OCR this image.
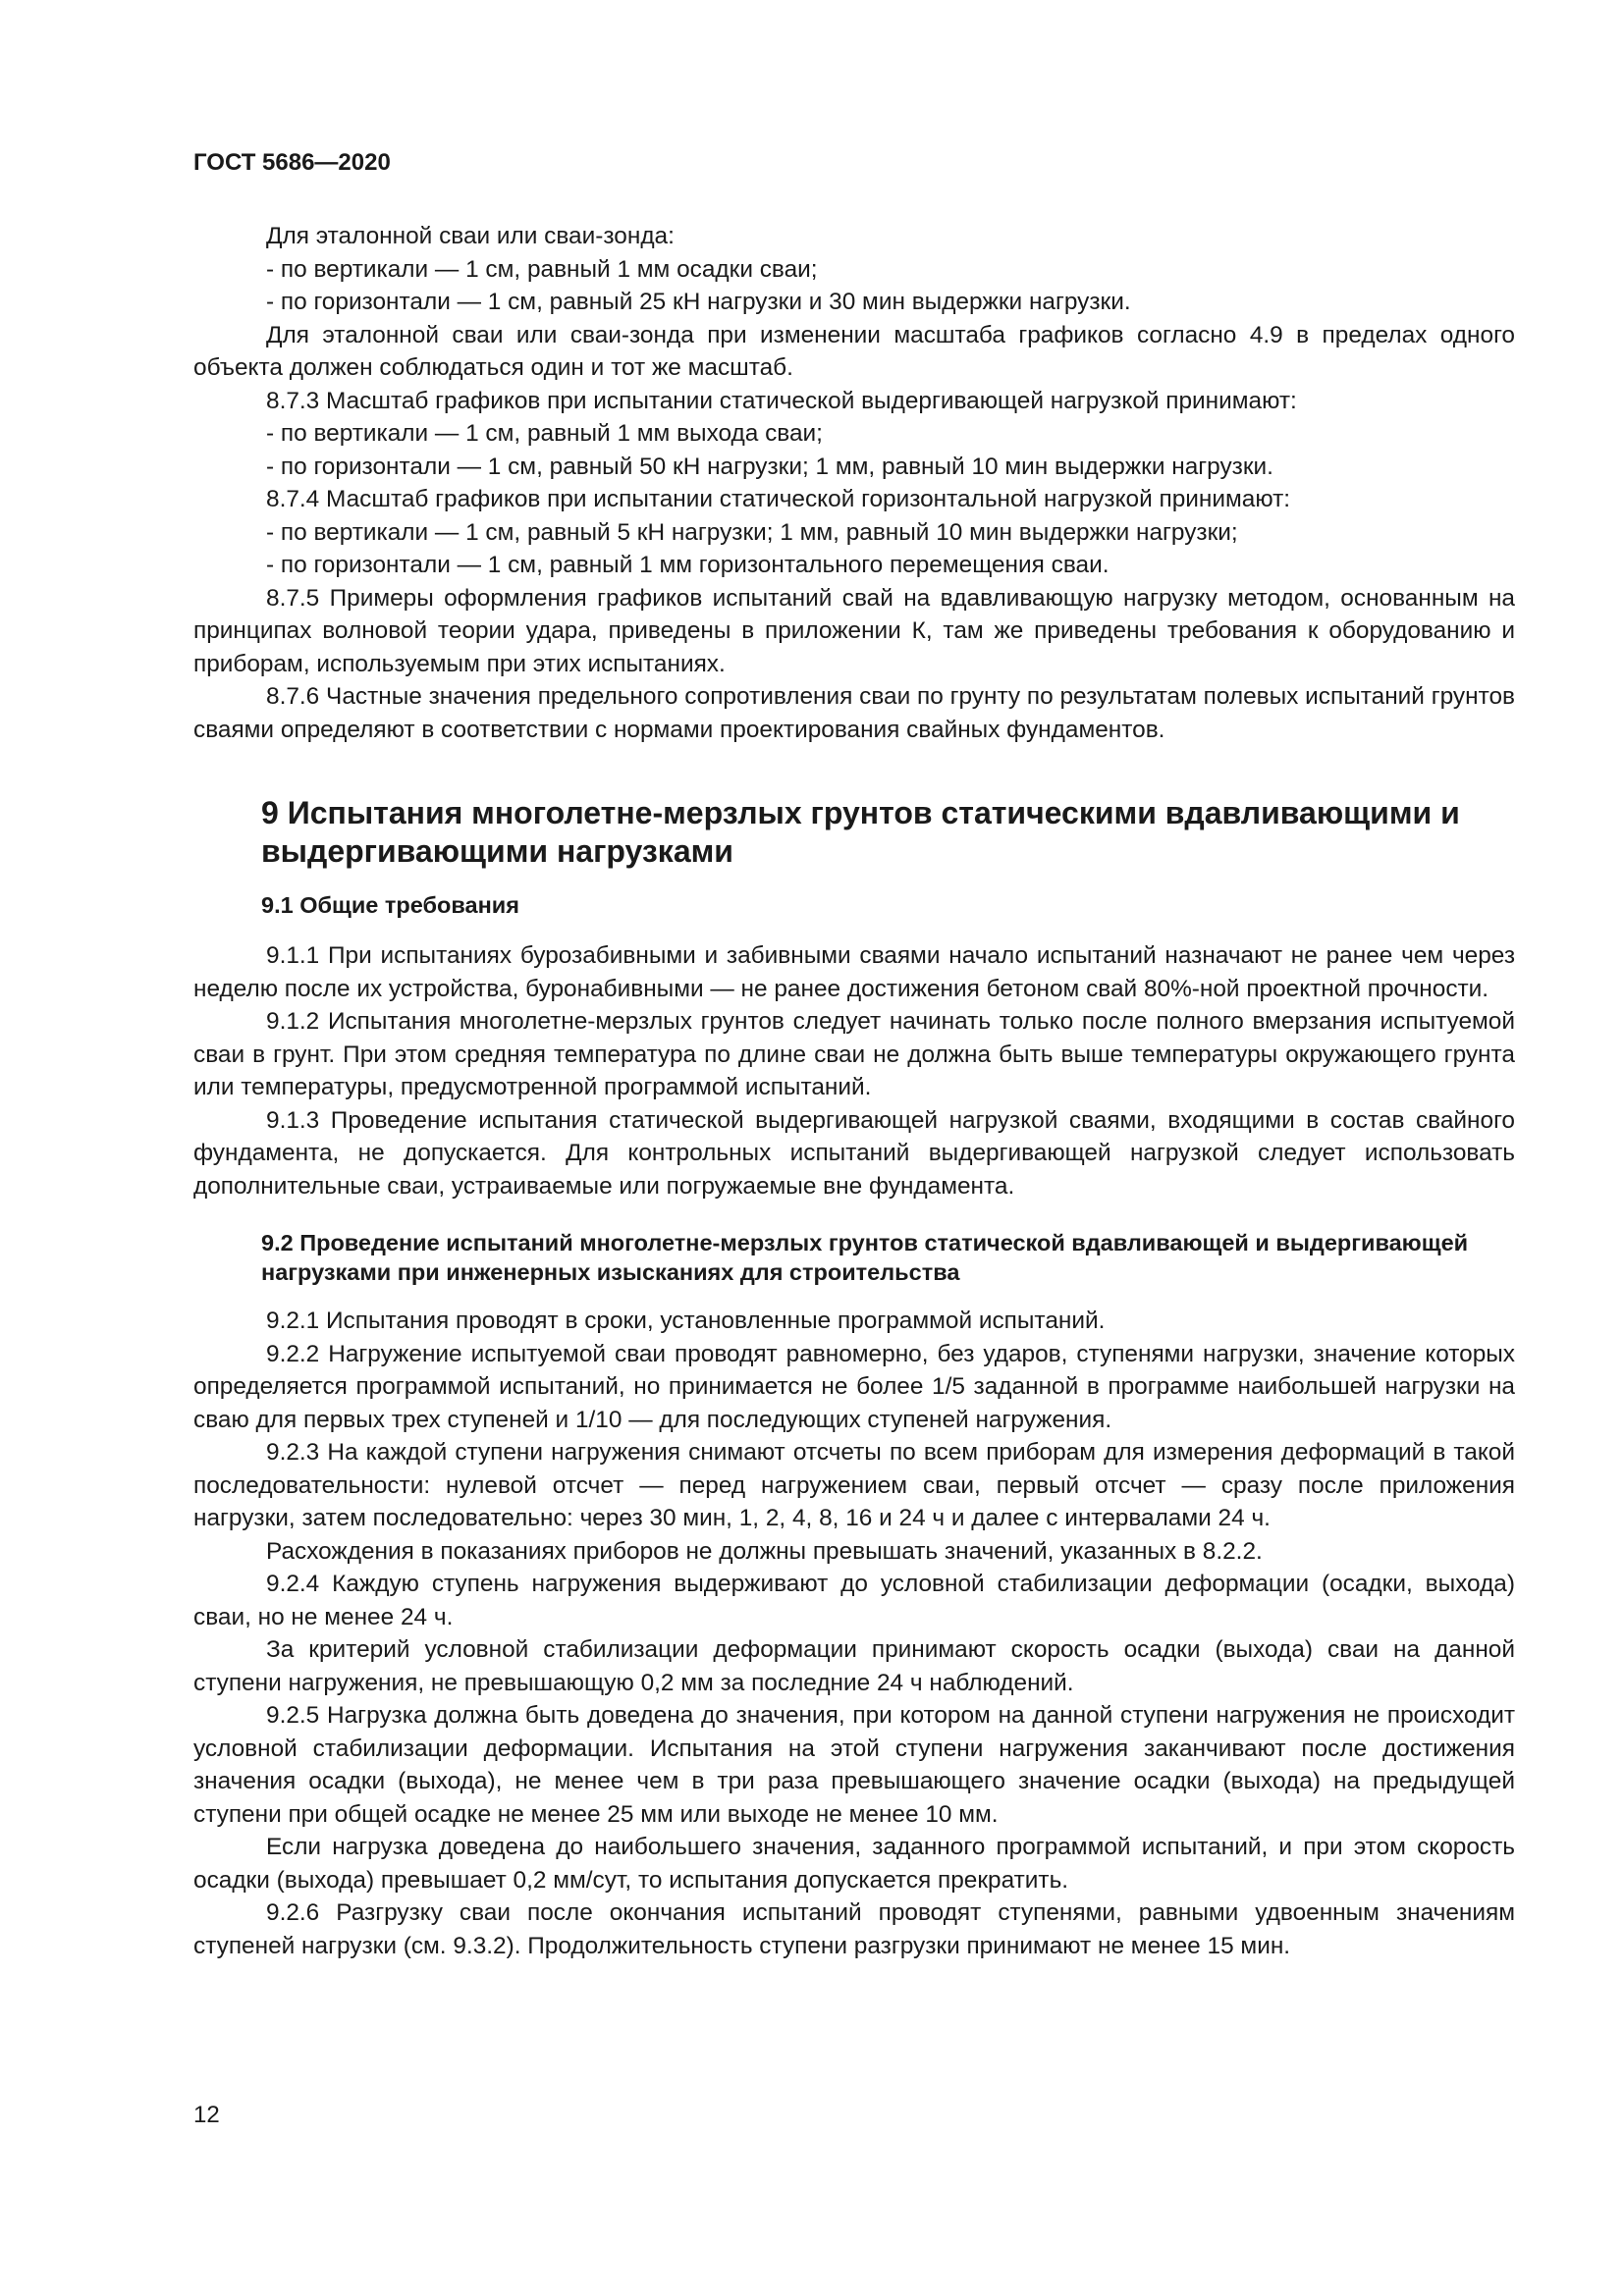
ГОСТ 5686—2020

Для эталонной сваи или сваи-зонда:

- по вертикали — 1 см, равный 1 мм осадки сваи;

- по горизонтали — 1 см, равный 25 кН нагрузки и 30 мин выдержки нагрузки.

Для эталонной сваи или сваи-зонда при изменении масштаба графиков согласно 4.9 в пределах одного объекта должен соблюдаться один и тот же масштаб.

8.7.3 Масштаб графиков при испытании статической выдергивающей нагрузкой принимают:

- по вертикали — 1 см, равный 1 мм выхода сваи;

- по горизонтали — 1 см, равный 50 кН нагрузки; 1 мм, равный 10 мин выдержки нагрузки.

8.7.4 Масштаб графиков при испытании статической горизонтальной нагрузкой принимают:

- по вертикали — 1 см, равный 5 кН нагрузки; 1 мм, равный 10 мин выдержки нагрузки;

- по горизонтали — 1 см, равный 1 мм горизонтального перемещения сваи.

8.7.5 Примеры оформления графиков испытаний свай на вдавливающую нагрузку методом, основанным на принципах волновой теории удара, приведены в приложении К, там же приведены требования к оборудованию и приборам, используемым при этих испытаниях.

8.7.6 Частные значения предельного сопротивления сваи по грунту по результатам полевых испытаний грунтов сваями определяют в соответствии с нормами проектирования свайных фундаментов.

9 Испытания многолетне-мерзлых грунтов статическими вдавливающими и выдергивающими нагрузками
9.1 Общие требования

9.1.1 При испытаниях бурозабивными и забивными сваями начало испытаний назначают не ранее чем через неделю после их устройства, буронабивными — не ранее достижения бетоном свай 80%-ной проектной прочности.

9.1.2 Испытания многолетне-мерзлых грунтов следует начинать только после полного вмерзания испытуемой сваи в грунт. При этом средняя температура по длине сваи не должна быть выше температуры окружающего грунта или температуры, предусмотренной программой испытаний.

9.1.3 Проведение испытания статической выдергивающей нагрузкой сваями, входящими в состав свайного фундамента, не допускается. Для контрольных испытаний выдергивающей нагрузкой следует использовать дополнительные сваи, устраиваемые или погружаемые вне фундамента.

9.2 Проведение испытаний многолетне-мерзлых грунтов статической вдавливающей и выдергивающей нагрузками при инженерных изысканиях для строительства

9.2.1 Испытания проводят в сроки, установленные программой испытаний.

9.2.2 Нагружение испытуемой сваи проводят равномерно, без ударов, ступенями нагрузки, значение которых определяется программой испытаний, но принимается не более 1/5 заданной в программе наибольшей нагрузки на сваю для первых трех ступеней и 1/10 — для последующих ступеней нагружения.

9.2.3 На каждой ступени нагружения снимают отсчеты по всем приборам для измерения деформаций в такой последовательности: нулевой отсчет — перед нагружением сваи, первый отсчет — сразу после приложения нагрузки, затем последовательно: через 30 мин, 1, 2, 4, 8, 16 и 24 ч и далее с интервалами 24 ч.

Расхождения в показаниях приборов не должны превышать значений, указанных в 8.2.2.

9.2.4 Каждую ступень нагружения выдерживают до условной стабилизации деформации (осадки, выхода) сваи, но не менее 24 ч.

За критерий условной стабилизации деформации принимают скорость осадки (выхода) сваи на данной ступени нагружения, не превышающую 0,2 мм за последние 24 ч наблюдений.

9.2.5 Нагрузка должна быть доведена до значения, при котором на данной ступени нагружения не происходит условной стабилизации деформации. Испытания на этой ступени нагружения заканчивают после достижения значения осадки (выхода), не менее чем в три раза превышающего значение осадки (выхода) на предыдущей ступени при общей осадке не менее 25 мм или выходе не менее 10 мм.

Если нагрузка доведена до наибольшего значения, заданного программой испытаний, и при этом скорость осадки (выхода) превышает 0,2 мм/сут, то испытания допускается прекратить.

9.2.6 Разгрузку сваи после окончания испытаний проводят ступенями, равными удвоенным значениям ступеней нагрузки (см. 9.3.2). Продолжительность ступени разгрузки принимают не менее 15 мин.

12
